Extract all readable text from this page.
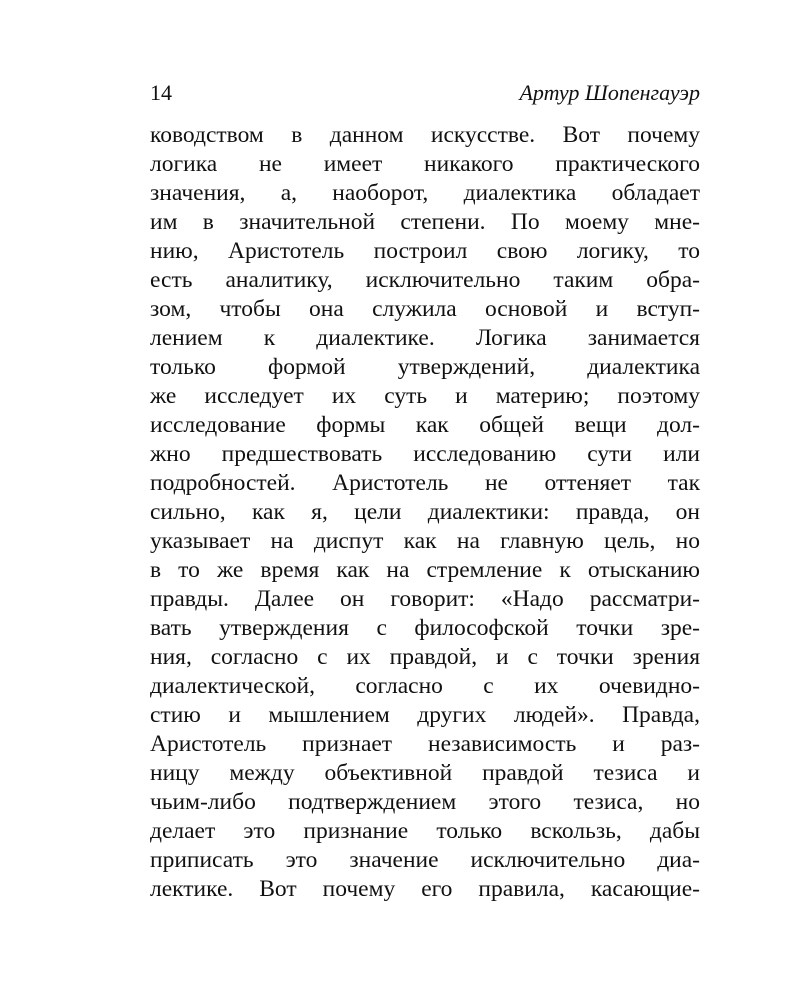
14	Артур Шопенгауэр
ководством в данном искусстве. Вот почему
логика не имеет никакого практического
значения, а, наоборот, диалектика обладает
им в значительной степени. По моему мне-
нию, Аристотель построил свою логику, то
есть аналитику, исключительно таким обра-
зом, чтобы она служила основой и вступ-
лением к диалектике. Логика занимается
только формой утверждений, диалектика
же исследует их суть и материю; поэтому
исследование формы как общей вещи дол-
жно предшествовать исследованию сути или
подробностей. Аристотель не оттеняет так
сильно, как я, цели диалектики: правда, он
указывает на диспут как на главную цель, но
в то же время как на стремление к отысканию
правды. Далее он говорит: «Надо рассматри-
вать утверждения с философской точки зре-
ния, согласно с их правдой, и с точки зрения
диалектической, согласно с их очевидно-
стию и мышлением других людей». Правда,
Аристотель признает независимость и раз-
ницу между объективной правдой тезиса и
чьим-либо подтверждением этого тезиса, но
делает это признание только вскользь, дабы
приписать это значение исключительно диа-
лектике. Вот почему его правила, касающие-
